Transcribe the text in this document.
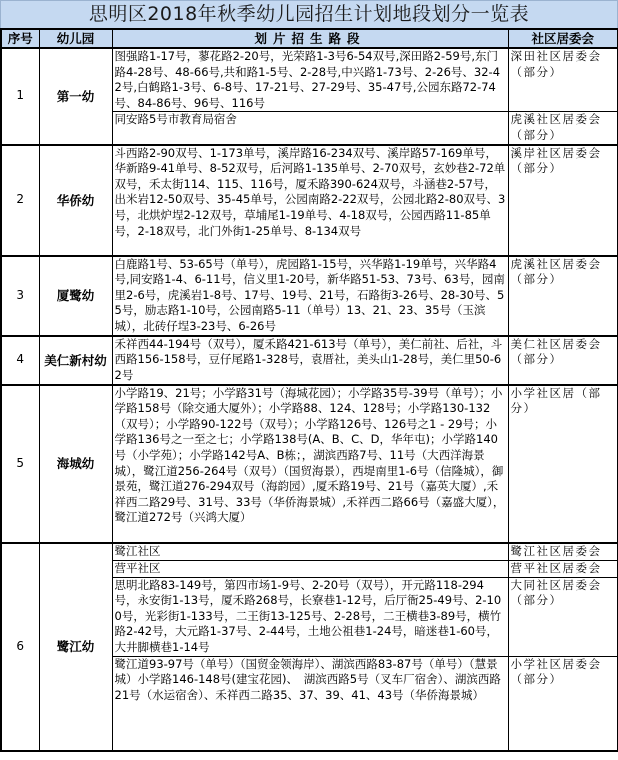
思明区2018年秋季幼儿园招生计划地段划分一览表
序号	幼儿园	划片招生路段	社区居委会
1	第一幼	图强路1-17号，蓼花路2-20号，光荣路1-3号6-54双号,深田路2-59号,东门路4-28号、48-66号,共和路1-5号、2-28号,中兴路1-73号、2-26号、32-42号,白鹤路1-3号、6-8号、17-21号、27-29号、35-47号,公园东路72-74号、84-86号、96号、116号	深田社区居委会（部分）
		同安路5号市教育局宿舍	虎溪社区居委会（部分）
2	华侨幼	斗西路2-90双号、1-173单号，溪岸路16-234双号、溪岸路57-169单号，华新路9-41单号、8-52双号，后河路1-135单号、2-70双号，玄妙巷2-72单双号，禾太街114、115、116号，厦禾路390-624双号，斗涵巷2-57号，出米岩12-50双号、35-45单号，公园南路2-22双号，公园北路2-80双号、3号，北烘炉埕2-12双号，草埔尾1-19单号、4-18双号，公园西路11-85单号，2-18双号，北门外街1-25单号、8-134双号	溪岸社区居委会（部分）
3	厦鹭幼	白鹿路1号、53-65号（单号），虎园路1-15号，兴华路1-19单号，兴华路4号,同安路1-4、6-11号，信义里1-20号，新华路51-53、73号、63号，园南里2-6号，虎溪岩1-8号、17号、19号、21号，石路街3-26号、28-30号、55号，励志路1-10号，公园南路5-11（单号）13、21、23、35号（玉滨城），北砖仔埕3-23号、6-26号	虎溪社区居委会（部分）
4	美仁新村幼	禾祥西44-194号（双号），厦禾路421-613号（单号），美仁前社、后社，斗西路156-158号，豆仔尾路1-328号，袁厝社，美头山1-28号，美仁里50-62号	美仁社区居委会（部分）
5	海城幼	小学路19、21号；小学路31号（海城花园）；小学路35号-39号（单号）；小学路158号（除交通大厦外）；小学路88、124、128号；小学路130-132（双号）；小学路90-122号（双号）；小学路126号、126号之1 - 29号；小学路136号之一至之七；小学路138号(A、B、C、D，华年屯)；小学路140号（小学苑）；小学路142号A、B栋；，湖滨西路7号、11号（大西洋海景城），鹭江道256-264号（双号）（国贸海景），西堤南里1-6号（信隆城），御景苑，鹭江道276-294双号（海韵园）,厦禾路19号、21号（嘉英大厦）,禾祥西二路29号、31号、33号（华侨海景城）,禾祥西二路66号（嘉盛大厦），鹭江道272号（兴鸿大厦）	小学社区居（部分）
6	鹭江幼	鹭江社区	鹭江社区居委会
		营平社区	营平社区居委会
		思明北路83-149号，第四市场1-9号、2-20号（双号），开元路118-294号，永安街1-13号，厦禾路268号，长寮巷1-12号，后厅衙25-49号、2-100号，光彩街1-133号，二王街13-125号、2-28号，二王横巷3-89号，横竹路2-42号，大元路1-37号、2-44号，土地公祖巷1-24号，暗迷巷1-60号，大井脚横巷1-14号	大同社区居委会（部分）
		鹭江道93-97号（单号）（国贸金领海岸）、湖滨西路83-87号（单号）（慧景城）小学路146-148号(建宝花园)、　湖滨西路5号（叉车厂宿舍）、湖滨西路21号（水运宿舍）、禾祥西二路35、37、39、41、43号（华侨海景城）	小学社区居委会（部分）
